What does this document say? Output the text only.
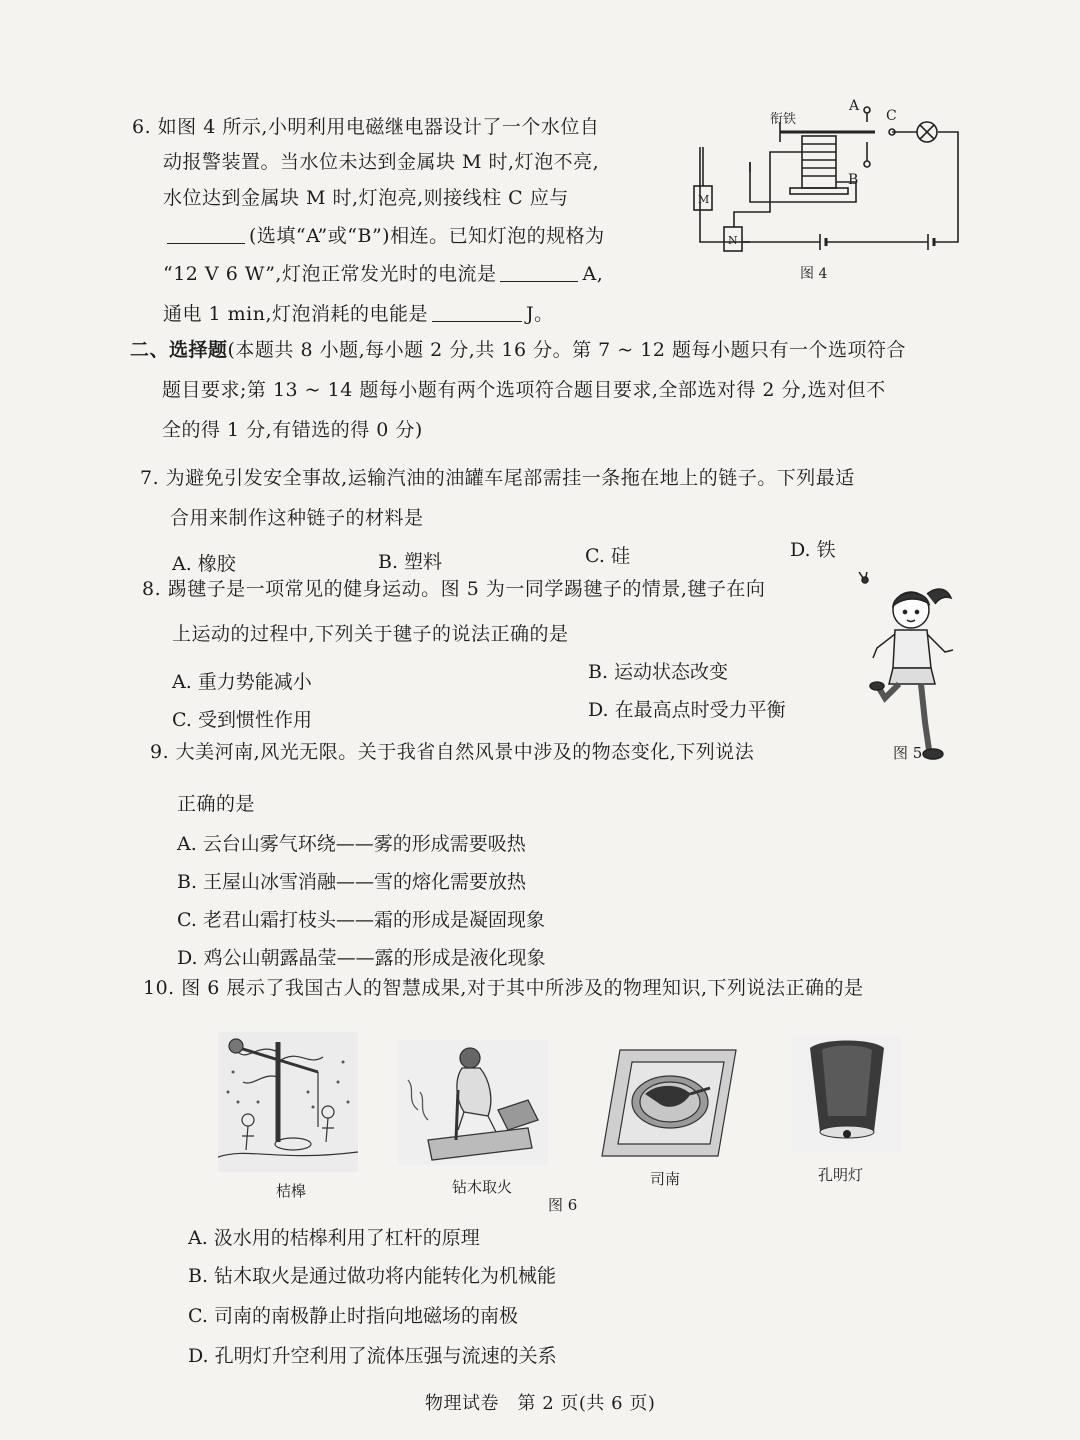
6. 如图 4 所示,小明利用电磁继电器设计了一个水位自
动报警装置。当水位未达到金属块 M 时,灯泡不亮,
水位达到金属块 M 时,灯泡亮,则接线柱 C 应与
(选填“A”或“B”)相连。已知灯泡的规格为
“12 V 6 W”,灯泡正常发光时的电流是	A,
通电 1 min,灯泡消耗的电能是	J。
衔铁
A
B
C
M
N
图 4
二、选择题(本题共 8 小题,每小题 2 分,共 16 分。第 7 ~ 12 题每小题只有一个选项符合
题目要求;第 13 ~ 14 题每小题有两个选项符合题目要求,全部选对得 2 分,选对但不
全的得 1 分,有错选的得 0 分)
7. 为避免引发安全事故,运输汽油的油罐车尾部需挂一条拖在地上的链子。下列最适
合用来制作这种链子的材料是
A. 橡胶	B. 塑料	C. 硅	D. 铁
8. 踢毽子是一项常见的健身运动。图 5 为一同学踢毽子的情景,毽子在向
上运动的过程中,下列关于毽子的说法正确的是
A. 重力势能减小	B. 运动状态改变
C. 受到惯性作用	D. 在最高点时受力平衡
图 5
9. 大美河南,风光无限。关于我省自然风景中涉及的物态变化,下列说法
正确的是
A. 云台山雾气环绕——雾的形成需要吸热
B. 王屋山冰雪消融——雪的熔化需要放热
C. 老君山霜打枝头——霜的形成是凝固现象
D. 鸡公山朝露晶莹——露的形成是液化现象
10. 图 6 展示了我国古人的智慧成果,对于其中所涉及的物理知识,下列说法正确的是
桔槔	钻木取火	司南	孔明灯
图 6
A. 汲水用的桔槔利用了杠杆的原理
B. 钻木取火是通过做功将内能转化为机械能
C. 司南的南极静止时指向地磁场的南极
D. 孔明灯升空利用了流体压强与流速的关系
物理试卷　第 2 页(共 6 页)
